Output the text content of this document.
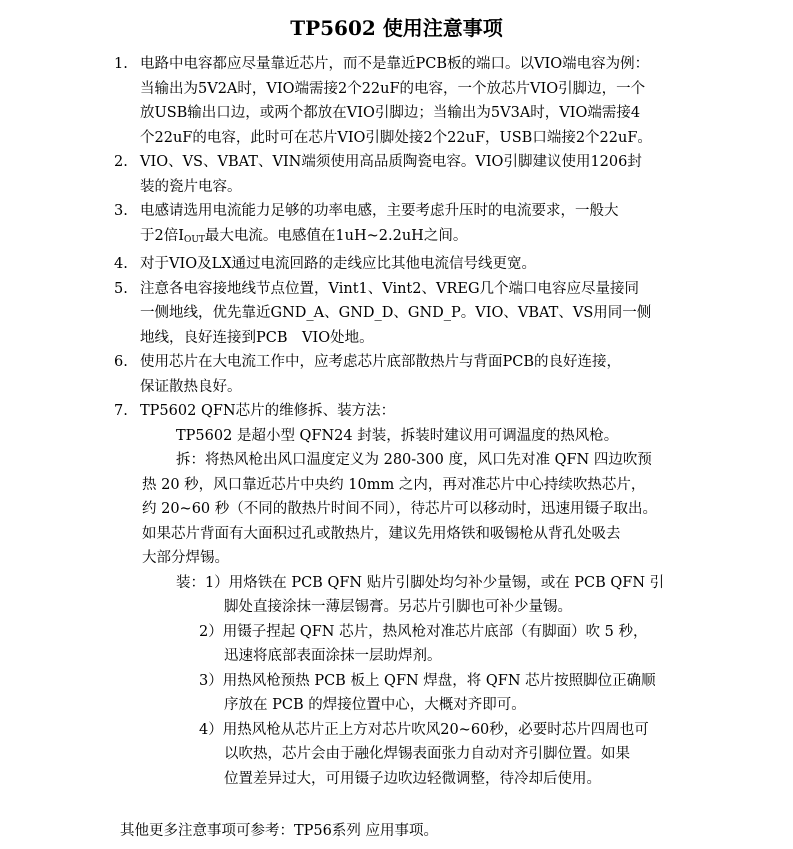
TP5602 使用注意事项
1. 电路中电容都应尽量靠近芯片，而不是靠近PCB板的端口。以VIO端电容为例：
当输出为5V2A时，VIO端需接2个22uF的电容，一个放芯片VIO引脚边，一个
放USB输出口边，或两个都放在VIO引脚边；当输出为5V3A时，VIO端需接4
个22uF的电容，此时可在芯片VIO引脚处接2个22uF，USB口端接2个22uF。
2. VIO、VS、VBAT、VIN端须使用高品质陶瓷电容。VIO引脚建议使用1206封
装的瓷片电容。
3. 电感请选用电流能力足够的功率电感，主要考虑升压时的电流要求，一般大
于2倍$I_{OUT}$最大电流。电感值在1uH~2.2uH之间。
4. 对于VIO及LX通过电流回路的走线应比其他电流信号线更宽。
5. 注意各电容接地线节点位置，Vint1、Vint2、VREG几个端口电容应尽量接同
一侧地线，优先靠近GND_A、GND_D、GND_P。VIO、VBAT、VS用同一侧
地线，良好连接到PCB　VIO处地。
6. 使用芯片在大电流工作中，应考虑芯片底部散热片与背面PCB的良好连接，
保证散热良好。
7. TP5602 QFN芯片的维修拆、装方法：
TP5602 是超小型 QFN24 封装，拆装时建议用可调温度的热风枪。
拆：将热风枪出风口温度定义为 280-300 度，风口先对准 QFN 四边吹预
热 20 秒，风口靠近芯片中央约 10mm 之内，再对准芯片中心持续吹热芯片，
约 20~60 秒（不同的散热片时间不同），待芯片可以移动时，迅速用镊子取出。
如果芯片背面有大面积过孔或散热片，建议先用烙铁和吸锡枪从背孔处吸去
大部分焊锡。
装：1）用烙铁在 PCB QFN 贴片引脚处均匀补少量锡，或在 PCB QFN 引
脚处直接涂抹一薄层锡膏。另芯片引脚也可补少量锡。
2）用镊子捏起 QFN 芯片，热风枪对准芯片底部（有脚面）吹 5 秒，
迅速将底部表面涂抹一层助焊剂。
3）用热风枪预热 PCB 板上 QFN 焊盘，将 QFN 芯片按照脚位正确顺
序放在 PCB 的焊接位置中心，大概对齐即可。
4）用热风枪从芯片正上方对芯片吹风20~60秒，必要时芯片四周也可
以吹热，芯片会由于融化焊锡表面张力自动对齐引脚位置。如果
位置差异过大，可用镊子边吹边轻微调整，待冷却后使用。
其他更多注意事项可参考：TP56系列 应用事项。
